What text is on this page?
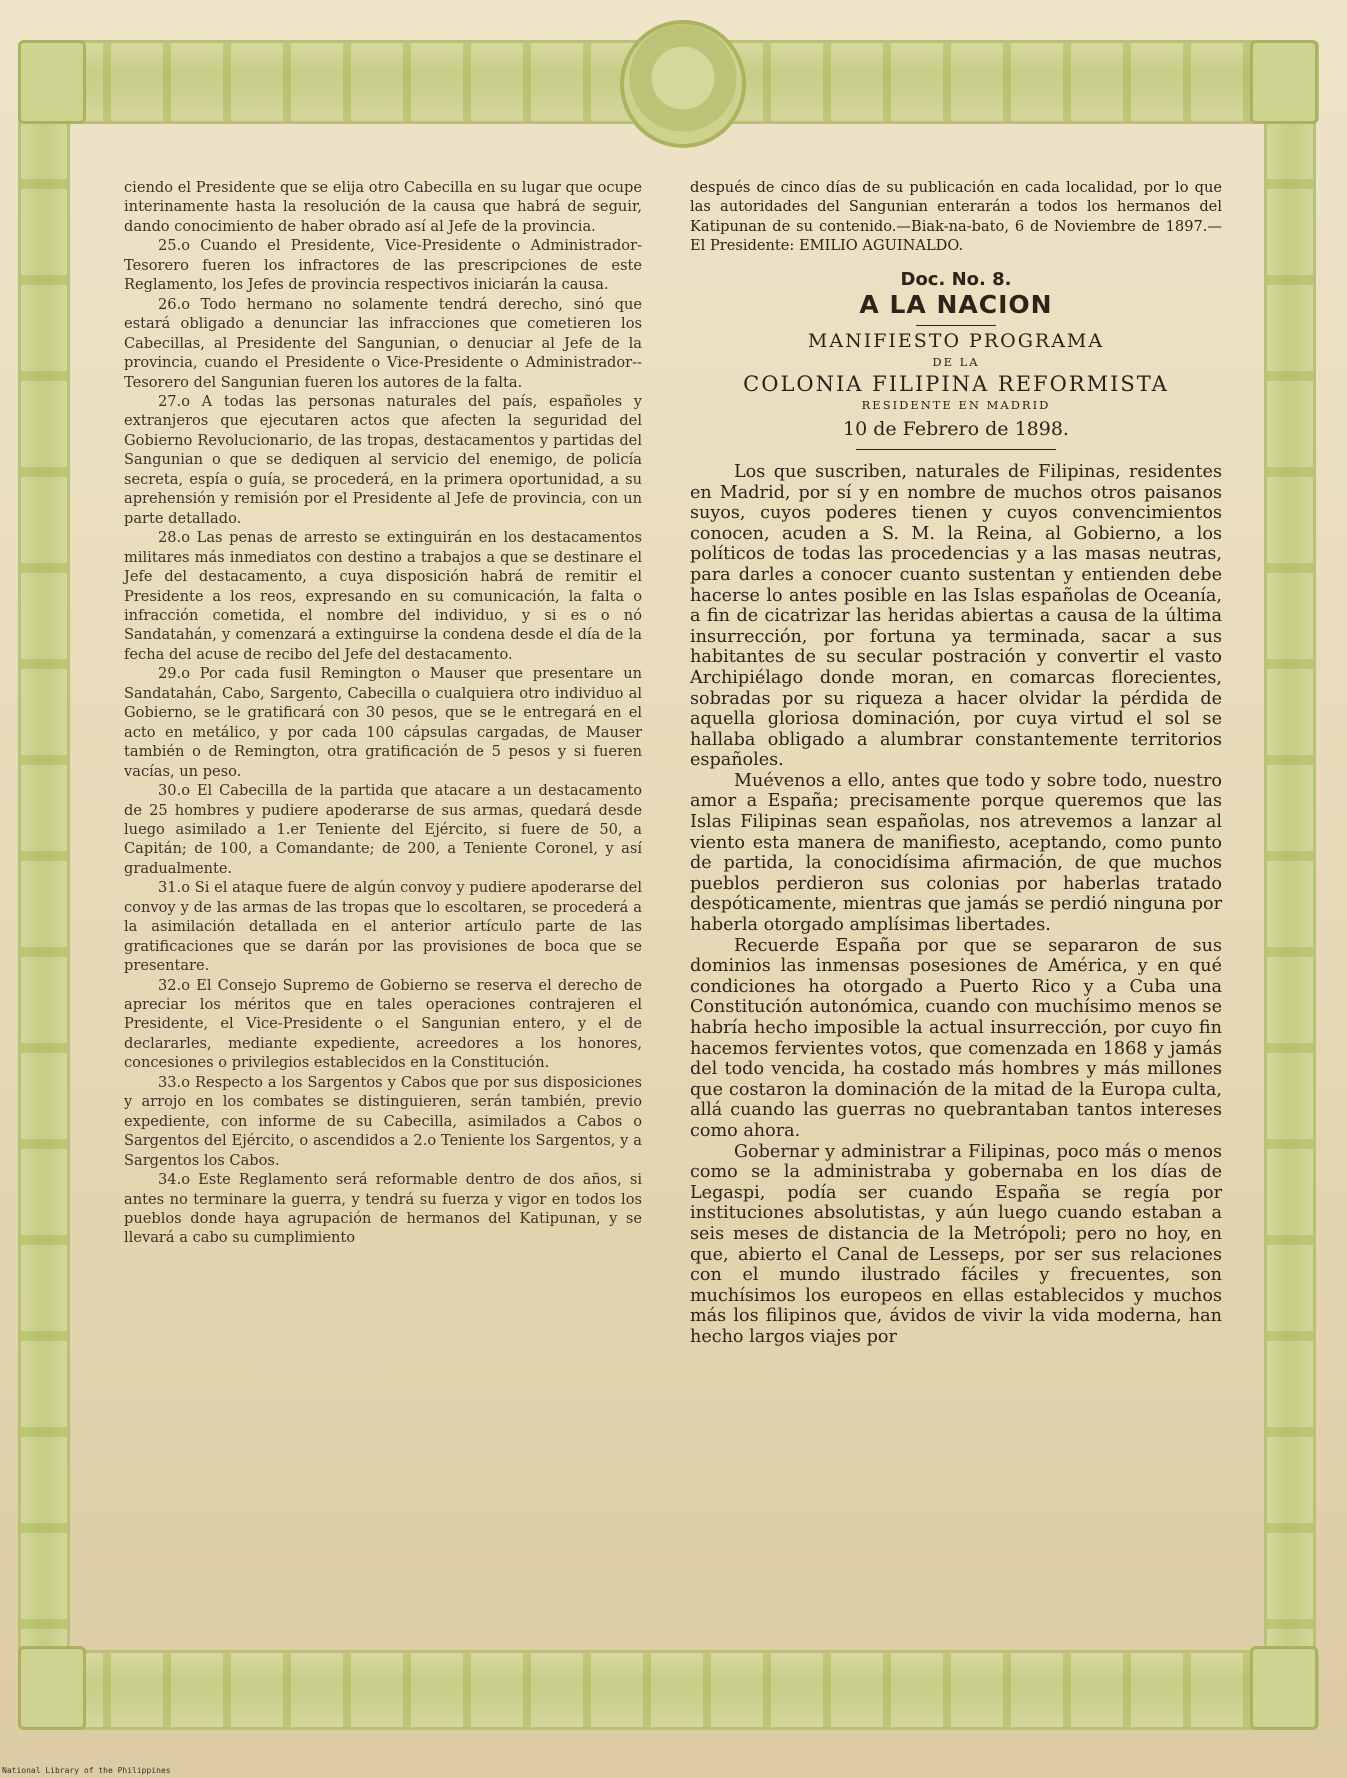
ciendo el Presidente que se elija otro Cabecilla en su lugar que ocupe interinamente hasta la resolución de la causa que habrá de seguir, dando conocimiento de haber obrado así al Jefe de la provincia.

25.o Cuando el Presidente, Vice-Presidente o Administrador-Tesorero fueren los infractores de las prescripciones de este Reglamento, los Jefes de provincia respectivos iniciarán la causa.

26.o Todo hermano no solamente tendrá derecho, sinó que estará obligado a denunciar las infracciones que cometieren los Cabecillas, al Presidente del Sangunian, o denuciar al Jefe de la provincia, cuando el Presidente o Vice-Presidente o Administrador--Tesorero del Sangunian fueren los autores de la falta.

27.o A todas las personas naturales del país, españoles y extranjeros que ejecutaren actos que afecten la seguridad del Gobierno Revolucionario, de las tropas, destacamentos y partidas del Sangunian o que se dediquen al servicio del enemigo, de policía secreta, espía o guía, se procederá, en la primera oportunidad, a su aprehensión y remisión por el Presidente al Jefe de provincia, con un parte detallado.

28.o Las penas de arresto se extinguirán en los destacamentos militares más inmediatos con destino a trabajos a que se destinare el Jefe del destacamento, a cuya disposición habrá de remitir el Presidente a los reos, expresando en su comunicación, la falta o infracción cometida, el nombre del individuo, y si es o nó Sandatahán, y comenzará a extinguirse la condena desde el día de la fecha del acuse de recibo del Jefe del destacamento.

29.o Por cada fusil Remington o Mauser que presentare un Sandatahán, Cabo, Sargento, Cabecilla o cualquiera otro individuo al Gobierno, se le gratificará con 30 pesos, que se le entregará en el acto en metálico, y por cada 100 cápsulas cargadas, de Mauser también o de Remington, otra gratificación de 5 pesos y si fueren vacías, un peso.

30.o El Cabecilla de la partida que atacare a un destacamento de 25 hombres y pudiere apoderarse de sus armas, quedará desde luego asimilado a 1.er Teniente del Ejército, si fuere de 50, a Capitán; de 100, a Comandante; de 200, a Teniente Coronel, y así gradualmente.

31.o Si el ataque fuere de algún convoy y pudiere apoderarse del convoy y de las armas de las tropas que lo escoltaren, se procederá a la asimilación detallada en el anterior artículo parte de las gratificaciones que se darán por las provisiones de boca que se presentare.

32.o El Consejo Supremo de Gobierno se reserva el derecho de apreciar los méritos que en tales operaciones contrajeren el Presidente, el Vice-Presidente o el Sangunian entero, y el de declararles, mediante expediente, acreedores a los honores, concesiones o privilegios establecidos en la Constitución.

33.o Respecto a los Sargentos y Cabos que por sus disposiciones y arrojo en los combates se distinguieren, serán también, previo expediente, con informe de su Cabecilla, asimilados a Cabos o Sargentos del Ejército, o ascendidos a 2.o Teniente los Sargentos, y a Sargentos los Cabos.

34.o Este Reglamento será reformable dentro de dos años, si antes no terminare la guerra, y tendrá su fuerza y vigor en todos los pueblos donde haya agrupación de hermanos del Katipunan, y se llevará a cabo su cumplimiento

después de cinco días de su publicación en cada localidad, por lo que las autoridades del Sangunian enterarán a todos los hermanos del Katipunan de su contenido.—Biak-na-bato, 6 de Noviembre de 1897.—El Presidente: EMILIO AGUINALDO.

Doc. No. 8.
A LA NACION
MANIFIESTO PROGRAMA
DE LA
COLONIA FILIPINA REFORMISTA
RESIDENTE EN MADRID
10 de Febrero de 1898.

Los que suscriben, naturales de Filipinas, residentes en Madrid, por sí y en nombre de muchos otros paisanos suyos, cuyos poderes tienen y cuyos convencimientos conocen, acuden a S. M. la Reina, al Gobierno, a los políticos de todas las procedencias y a las masas neutras, para darles a conocer cuanto sustentan y entienden debe hacerse lo antes posible en las Islas españolas de Oceanía, a fin de cicatrizar las heridas abiertas a causa de la última insurrección, por fortuna ya terminada, sacar a sus habitantes de su secular postración y convertir el vasto Archipiélago donde moran, en comarcas florecientes, sobradas por su riqueza a hacer olvidar la pérdida de aquella gloriosa dominación, por cuya virtud el sol se hallaba obligado a alumbrar constantemente territorios españoles.

Muévenos a ello, antes que todo y sobre todo, nuestro amor a España; precisamente porque queremos que las Islas Filipinas sean españolas, nos atrevemos a lanzar al viento esta manera de manifiesto, aceptando, como punto de partida, la conocidísima afirmación, de que muchos pueblos perdieron sus colonias por haberlas tratado despóticamente, mientras que jamás se perdió ninguna por haberla otorgado amplísimas libertades.

Recuerde España por que se separaron de sus dominios las inmensas posesiones de América, y en qué condiciones ha otorgado a Puerto Rico y a Cuba una Constitución autonómica, cuando con muchísimo menos se habría hecho imposible la actual insurrección, por cuyo fin hacemos fervientes votos, que comenzada en 1868 y jamás del todo vencida, ha costado más hombres y más millones que costaron la dominación de la mitad de la Europa culta, allá cuando las guerras no quebrantaban tantos intereses como ahora.

Gobernar y administrar a Filipinas, poco más o menos como se la administraba y gobernaba en los días de Legaspi, podía ser cuando España se regía por instituciones absolutistas, y aún luego cuando estaban a seis meses de distancia de la Metrópoli; pero no hoy, en que, abierto el Canal de Lesseps, por ser sus relaciones con el mundo ilustrado fáciles y frecuentes, son muchísimos los europeos en ellas establecidos y muchos más los filipinos que, ávidos de vivir la vida moderna, han hecho largos viajes por

National Library of the Philippines
